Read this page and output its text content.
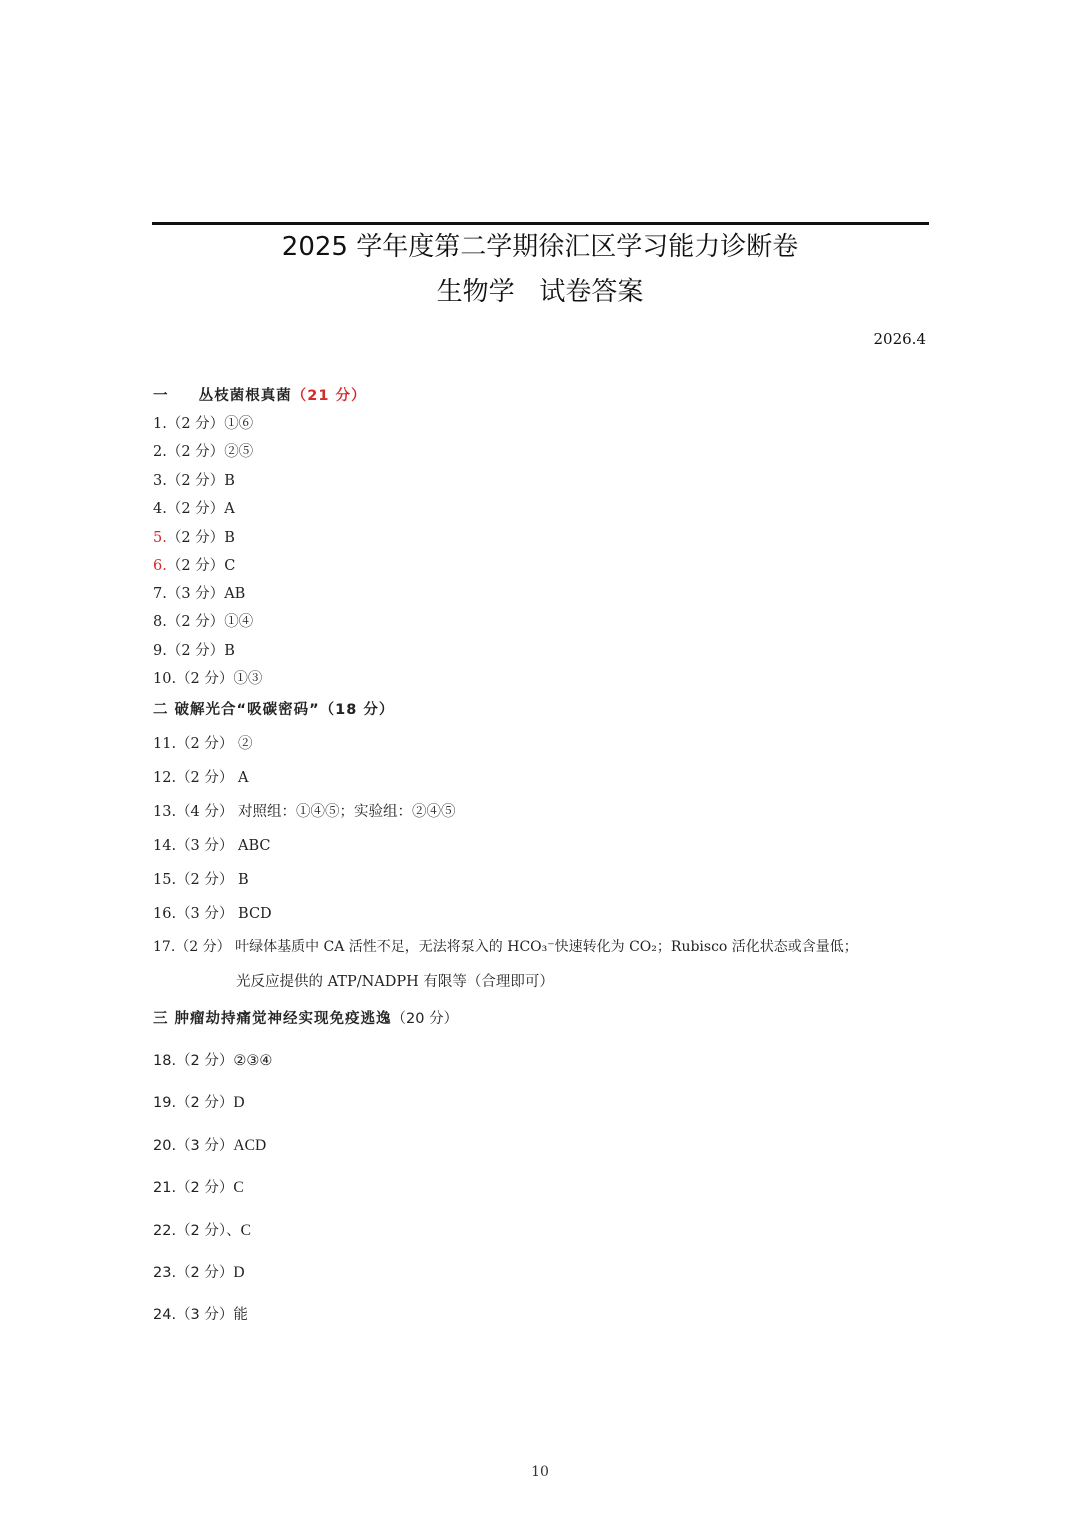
2025 学年度第二学期徐汇区学习能力诊断卷
生物学   试卷答案
2026.4
一 丛枝菌根真菌（21 分）
1.（2 分）①⑥
2.（2 分）②⑤
3.（2 分）B
4.（2 分）A
5.（2 分）B
6.（2 分）C
7.（3 分）AB
8.（2 分）①④
9.（2 分）B
10.（2 分）①③
二 破解光合“吸碳密码”（18 分）
11.（2 分） ②
12.（2 分） A
13.（4 分） 对照组：①④⑤；实验组：②④⑤
14.（3 分） ABC
15.（2 分） B
16.（3 分） BCD
17.（2 分） 叶绿体基质中 CA 活性不足，无法将泵入的 HCO₃⁻快速转化为 CO₂；Rubisco 活化状态或含量低；
光反应提供的 ATP/NADPH 有限等（合理即可）
三 肿瘤劫持痛觉神经实现免疫逃逸（20 分）
18.（2 分）②③④
19.（2 分）D
20.（3 分）ACD
21.（2 分）C
22.（2 分）、C
23.（2 分）D
24.（3 分）能
10
